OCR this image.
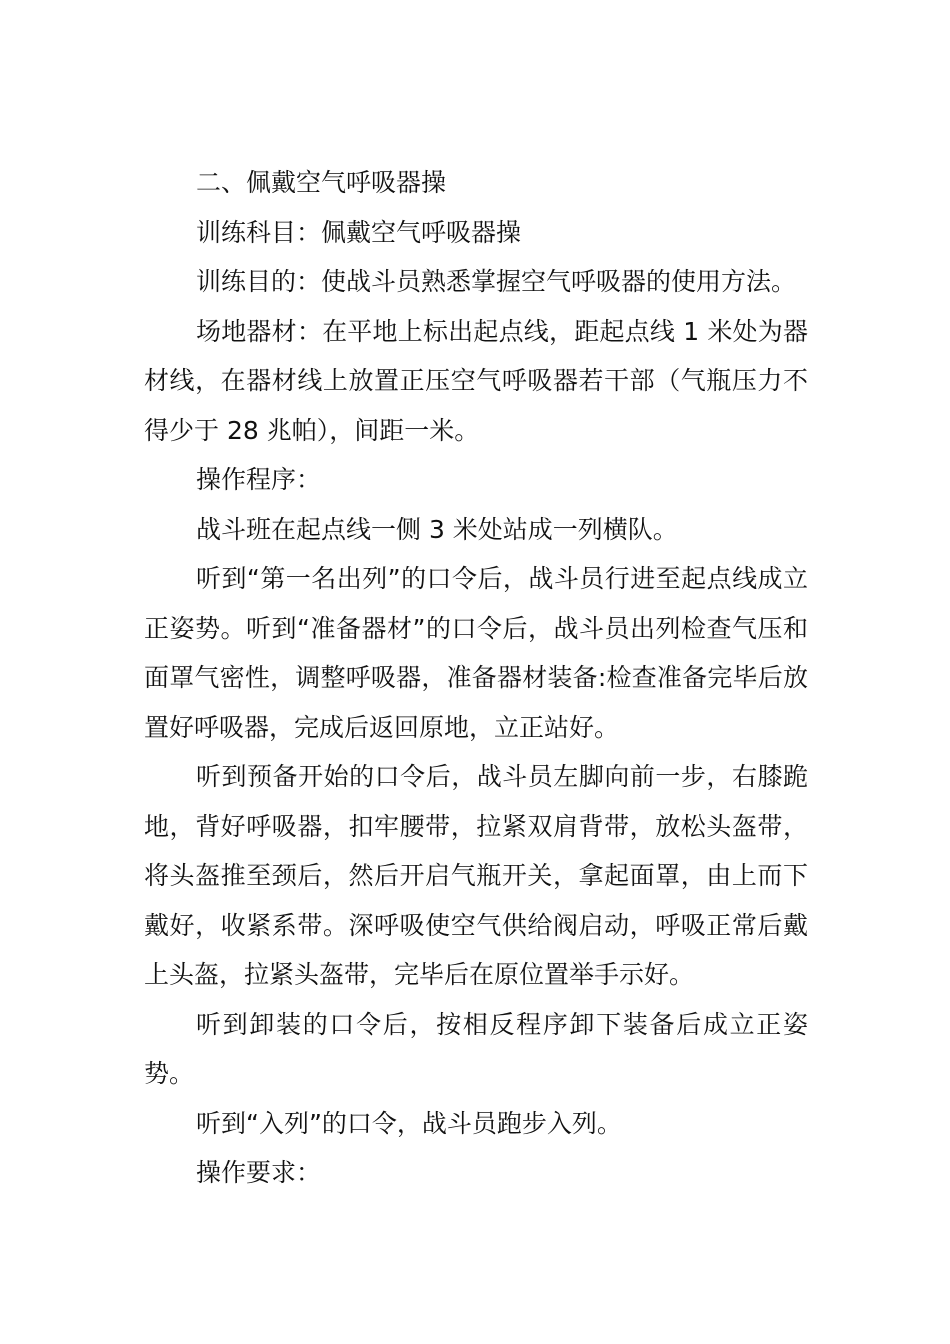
二、佩戴空气呼吸器操

训练科目：佩戴空气呼吸器操

训练目的：使战斗员熟悉掌握空气呼吸器的使用方法。

场地器材：在平地上标出起点线，距起点线 1 米处为器材线，在器材线上放置正压空气呼吸器若干部（气瓶压力不得少于 28 兆帕），间距一米。

操作程序：

战斗班在起点线一侧 3 米处站成一列横队。

听到“第一名出列”的口令后，战斗员行进至起点线成立正姿势。听到“准备器材”的口令后，战斗员出列检查气压和面罩气密性，调整呼吸器，准备器材装备:检查准备完毕后放置好呼吸器，完成后返回原地，立正站好。

听到预备开始的口令后，战斗员左脚向前一步，右膝跪地，背好呼吸器，扣牢腰带，拉紧双肩背带，放松头盔带，将头盔推至颈后，然后开启气瓶开关，拿起面罩，由上而下戴好，收紧系带。深呼吸使空气供给阀启动，呼吸正常后戴上头盔，拉紧头盔带，完毕后在原位置举手示好。

听到卸装的口令后，按相反程序卸下装备后成立正姿势。

听到“入列”的口令，战斗员跑步入列。

操作要求：
